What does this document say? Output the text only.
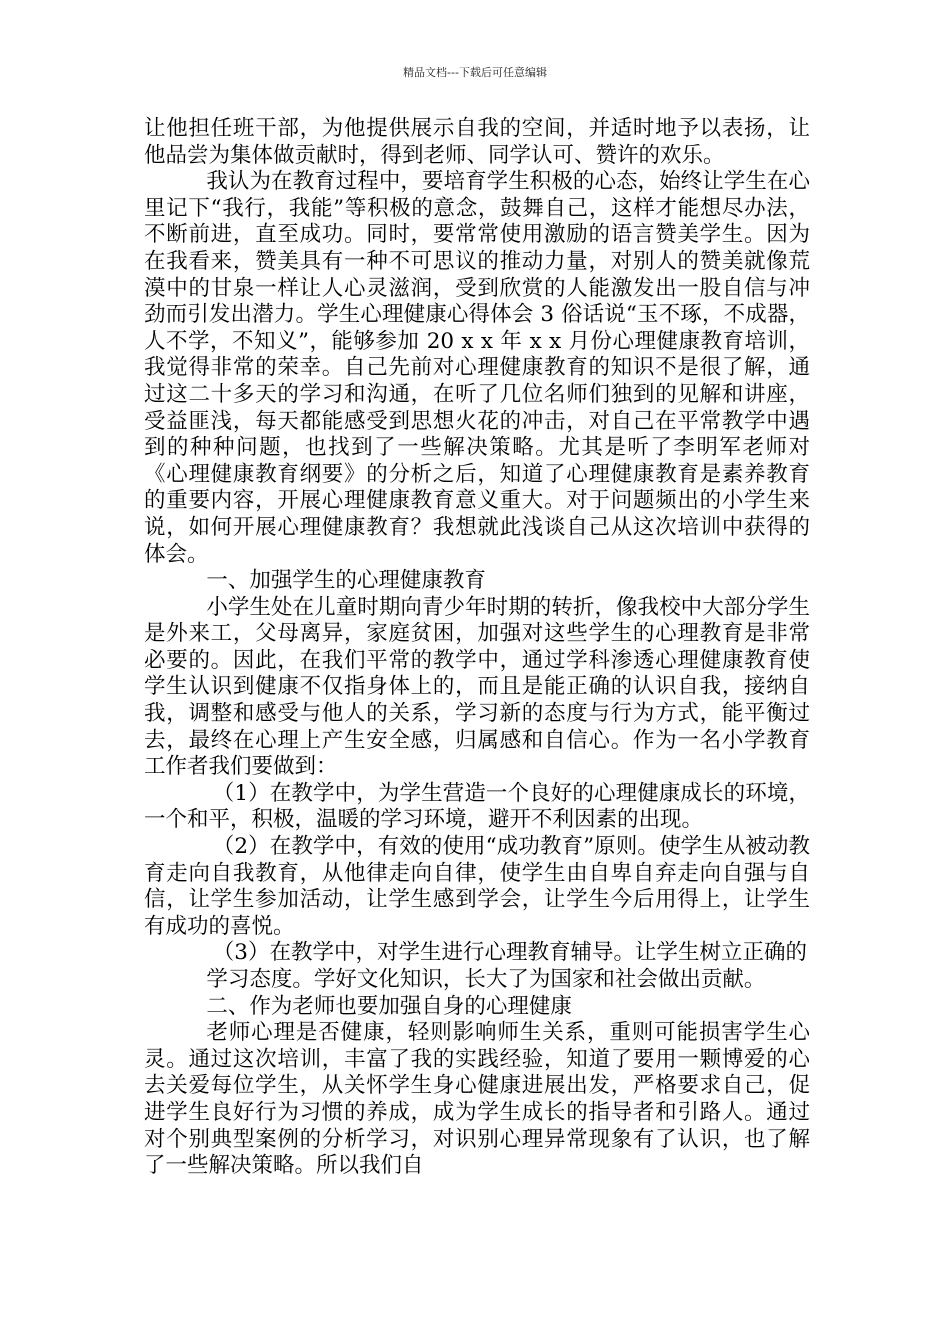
精品文档---下载后可任意编辑

让他担任班干部，为他提供展示自我的空间，并适时地予以表扬，让他品尝为集体做贡献时，得到老师、同学认可、赞许的欢乐。

我认为在教育过程中，要培育学生积极的心态，始终让学生在心里记下“我行，我能”等积极的意念，鼓舞自己，这样才能想尽办法，不断前进，直至成功。同时，要常常使用激励的语言赞美学生。因为在我看来，赞美具有一种不可思议的推动力量，对别人的赞美就像荒漠中的甘泉一样让人心灵滋润，受到欣赏的人能激发出一股自信与冲劲而引发出潜力。学生心理健康心得体会 3 俗话说“玉不琢，不成器，人不学，不知义”，能够参加 20 x x 年 x x 月份心理健康教育培训，我觉得非常的荣幸。自己先前对心理健康教育的知识不是很了解，通过这二十多天的学习和沟通，在听了几位名师们独到的见解和讲座，受益匪浅，每天都能感受到思想火花的冲击，对自己在平常教学中遇到的种种问题，也找到了一些解决策略。尤其是听了李明军老师对《心理健康教育纲要》的分析之后，知道了心理健康教育是素养教育的重要内容，开展心理健康教育意义重大。对于问题频出的小学生来说，如何开展心理健康教育？我想就此浅谈自己从这次培训中获得的体会。

一、加强学生的心理健康教育

小学生处在儿童时期向青少年时期的转折，像我校中大部分学生是外来工，父母离异，家庭贫困，加强对这些学生的心理教育是非常必要的。因此，在我们平常的教学中，通过学科渗透心理健康教育使学生认识到健康不仅指身体上的，而且是能正确的认识自我，接纳自我，调整和感受与他人的关系，学习新的态度与行为方式，能平衡过去，最终在心理上产生安全感，归属感和自信心。作为一名小学教育工作者我们要做到：

（1）在教学中，为学生营造一个良好的心理健康成长的环境，一个和平，积极，温暖的学习环境，避开不利因素的出现。

（2）在教学中，有效的使用“成功教育”原则。使学生从被动教育走向自我教育，从他律走向自律，使学生由自卑自弃走向自强与自信，让学生参加活动，让学生感到学会，让学生今后用得上，让学生有成功的喜悦。

（3）在教学中，对学生进行心理教育辅导。让学生树立正确的

学习态度。学好文化知识，长大了为国家和社会做出贡献。

二、作为老师也要加强自身的心理健康

老师心理是否健康，轻则影响师生关系，重则可能损害学生心灵。通过这次培训，丰富了我的实践经验，知道了要用一颗博爱的心去关爱每位学生，从关怀学生身心健康进展出发，严格要求自己，促进学生良好行为习惯的养成，成为学生成长的指导者和引路人。通过对个别典型案例的分析学习，对识别心理异常现象有了认识，也了解了一些解决策略。所以我们自
